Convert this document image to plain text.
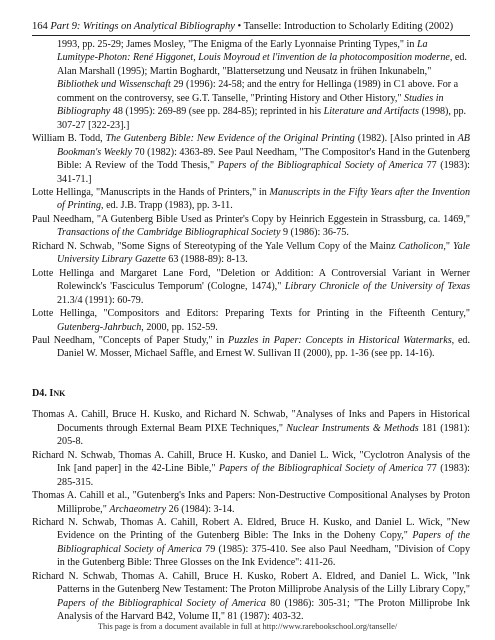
164 Part 9: Writings on Analytical Bibliography • Tanselle: Introduction to Scholarly Editing (2002)

1993, pp. 25-29; James Mosley, "The Enigma of the Early Lyonnaise Printing Types," in La Lumitype-Photon: René Higgonet, Louis Moyroud et l'invention de la photocomposition moderne, ed. Alan Marshall (1995); Martin Boghardt, "Blattersetzung und Neusatz in frühen Inkunabeln," Bibliothek und Wissenschaft 29 (1996): 24-58; and the entry for Hellinga (1989) in C1 above. For a comment on the controversy, see G.T. Tanselle, "Printing History and Other History," Studies in Bibliography 48 (1995): 269-89 (see pp. 284-85); reprinted in his Literature and Artifacts (1998), pp. 307-27 [322-23].]

William B. Todd, The Gutenberg Bible: New Evidence of the Original Printing (1982). [Also printed in AB Bookman's Weekly 70 (1982): 4363-89. See Paul Needham, "The Compositor's Hand in the Gutenberg Bible: A Review of the Todd Thesis," Papers of the Bibliographical Society of America 77 (1983): 341-71.]

Lotte Hellinga, "Manuscripts in the Hands of Printers," in Manuscripts in the Fifty Years after the Invention of Printing, ed. J.B. Trapp (1983), pp. 3-11.

Paul Needham, "A Gutenberg Bible Used as Printer's Copy by Heinrich Eggestein in Strassburg, ca. 1469," Transactions of the Cambridge Bibliographical Society 9 (1986): 36-75.

Richard N. Schwab, "Some Signs of Stereotyping of the Yale Vellum Copy of the Mainz Catholicon," Yale University Library Gazette 63 (1988-89): 8-13.

Lotte Hellinga and Margaret Lane Ford, "Deletion or Addition: A Controversial Variant in Werner Rolewinck's 'Fasciculus Temporum' (Cologne, 1474)," Library Chronicle of the University of Texas 21.3/4 (1991): 60-79.

Lotte Hellinga, "Compositors and Editors: Preparing Texts for Printing in the Fifteenth Century," Gutenberg-Jahrbuch, 2000, pp. 152-59.

Paul Needham, "Concepts of Paper Study," in Puzzles in Paper: Concepts in Historical Watermarks, ed. Daniel W. Mosser, Michael Saffle, and Ernest W. Sullivan II (2000), pp. 1-36 (see pp. 14-16).

D4. INK

Thomas A. Cahill, Bruce H. Kusko, and Richard N. Schwab, "Analyses of Inks and Papers in Historical Documents through External Beam PIXE Techniques," Nuclear Instruments & Methods 181 (1981): 205-8.

Richard N. Schwab, Thomas A. Cahill, Bruce H. Kusko, and Daniel L. Wick, "Cyclotron Analysis of the Ink [and paper] in the 42-Line Bible," Papers of the Bibliographical Society of America 77 (1983): 285-315.

Thomas A. Cahill et al., "Gutenberg's Inks and Papers: Non-Destructive Compositional Analyses by Proton Milliprobe," Archaeometry 26 (1984): 3-14.

Richard N. Schwab, Thomas A. Cahill, Robert A. Eldred, Bruce H. Kusko, and Daniel L. Wick, "New Evidence on the Printing of the Gutenberg Bible: The Inks in the Doheny Copy," Papers of the Bibliographical Society of America 79 (1985): 375-410. See also Paul Needham, "Division of Copy in the Gutenberg Bible: Three Glosses on the Ink Evidence": 411-26.

Richard N. Schwab, Thomas A. Cahill, Bruce H. Kusko, Robert A. Eldred, and Daniel L. Wick, "Ink Patterns in the Gutenberg New Testament: The Proton Milliprobe Analysis of the Lilly Library Copy," Papers of the Bibliographical Society of America 80 (1986): 305-31; "The Proton Milliprobe Ink Analysis of the Harvard B42, Volume II," 81 (1987): 403-32.

This page is from a document available in full at http://www.rarebookschool.org/tanselle/
